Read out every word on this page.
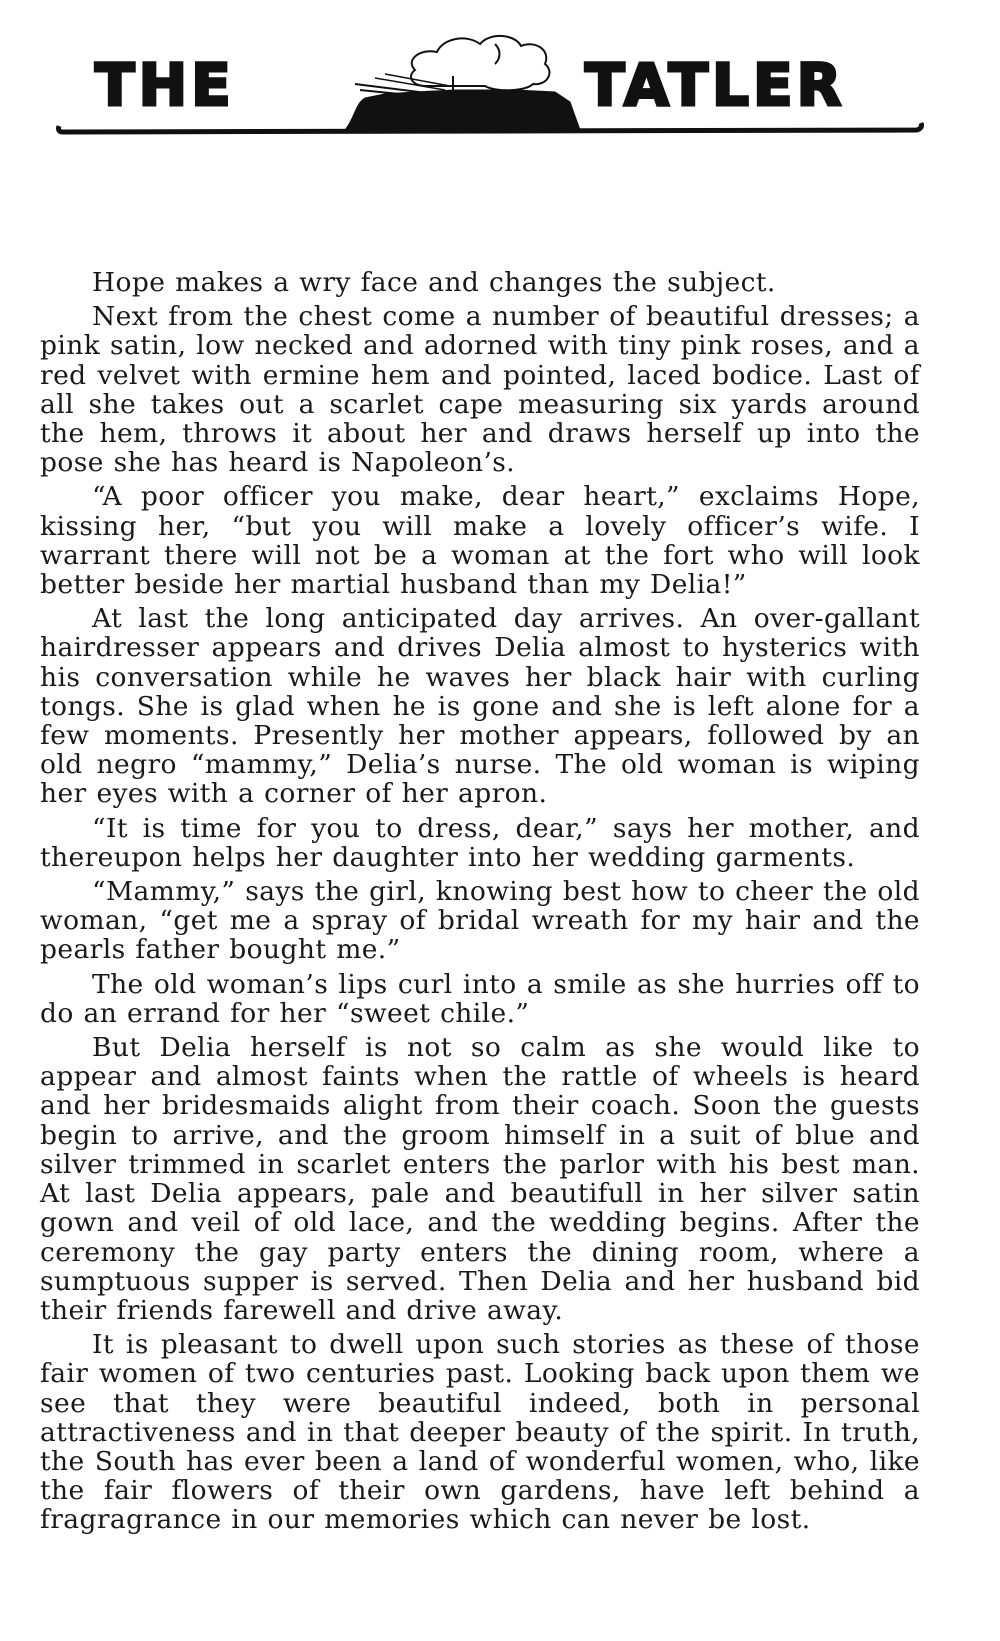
THE	TATLER

Hope makes a wry face and changes the subject.

Next from the chest come a number of beautiful dresses; a pink satin, low necked and adorned with tiny pink roses, and a red velvet with ermine hem and pointed, laced bodice. Last of all she takes out a scarlet cape measuring six yards around the hem, throws it about her and draws herself up into the pose she has heard is Napoleon’s.

“A poor officer you make, dear heart,” exclaims Hope, kissing her, “but you will make a lovely officer’s wife. I warrant there will not be a woman at the fort who will look better beside her martial husband than my Delia!”

At last the long anticipated day arrives. An over-gallant hairdresser appears and drives Delia almost to hysterics with his conversation while he waves her black hair with curling tongs. She is glad when he is gone and she is left alone for a few moments. Presently her mother appears, followed by an old negro “mammy,” Delia’s nurse. The old woman is wiping her eyes with a corner of her apron.

“It is time for you to dress, dear,” says her mother, and thereupon helps her daughter into her wedding garments.

“Mammy,” says the girl, knowing best how to cheer the old woman, “get me a spray of bridal wreath for my hair and the pearls father bought me.”

The old woman’s lips curl into a smile as she hurries off to do an errand for her “sweet chile.”

But Delia herself is not so calm as she would like to appear and almost faints when the rattle of wheels is heard and her bridesmaids alight from their coach. Soon the guests begin to arrive, and the groom himself in a suit of blue and silver trimmed in scarlet enters the parlor with his best man. At last Delia appears, pale and beautifull in her silver satin gown and veil of old lace, and the wedding begins. After the ceremony the gay party enters the dining room, where a sumptuous supper is served. Then Delia and her husband bid their friends farewell and drive away.

It is pleasant to dwell upon such stories as these of those fair women of two centuries past. Looking back upon them we see that they were beautiful indeed, both in personal attractiveness and in that deeper beauty of the spirit. In truth, the South has ever been a land of wonderful women, who, like the fair flowers of their own gardens, have left behind a fragragrance in our memories which can never be lost.
